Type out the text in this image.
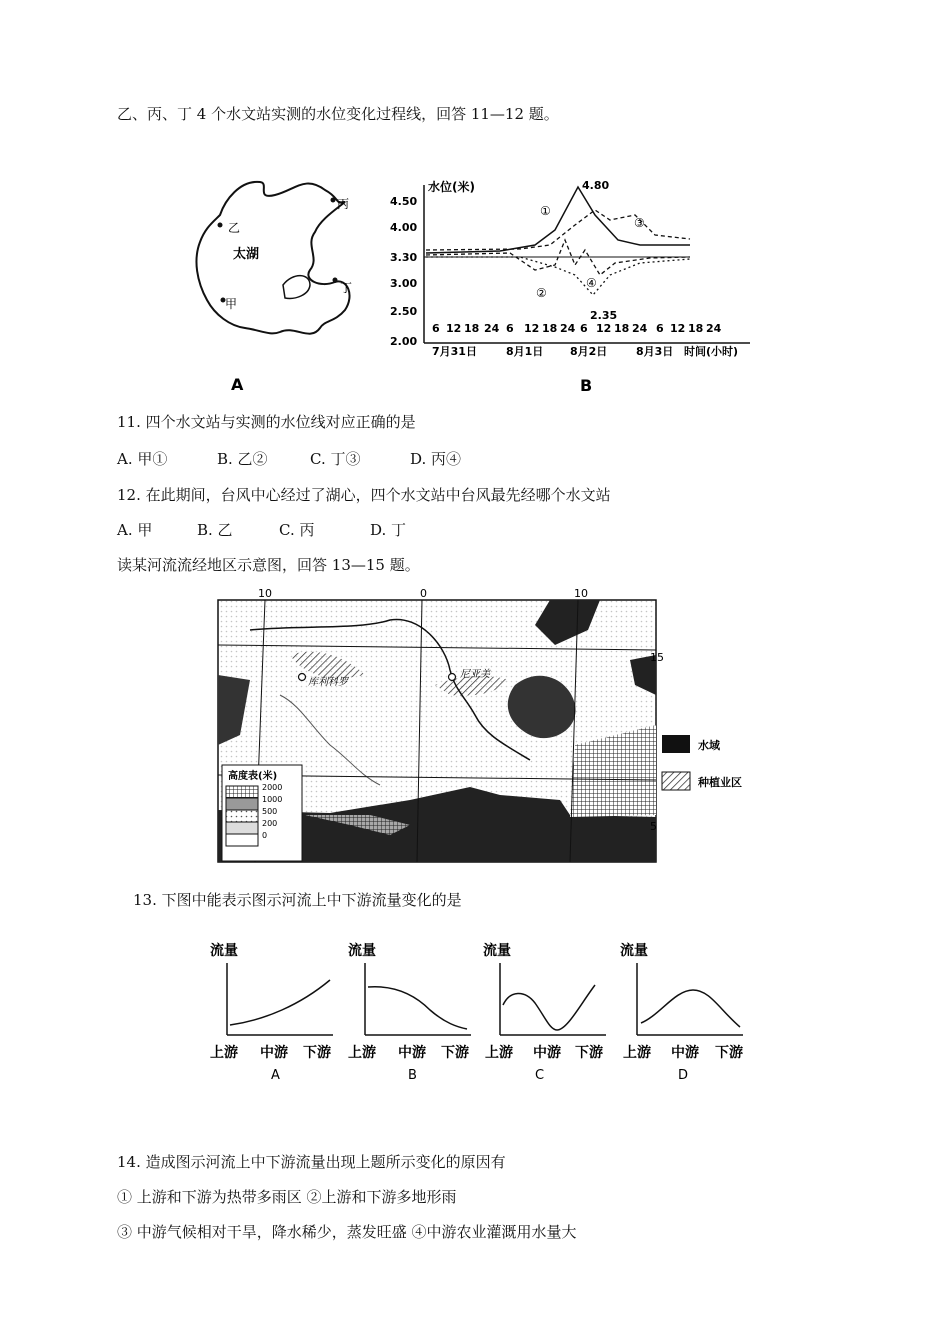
乙、丙、丁 4 个水文站实测的水位变化过程线，回答 11—12 题。
太湖
甲
乙
丙
丁
A
水位(米)
4.50
4.00
3.30
3.00
2.50
2.00
4.80
2.35
①
②
③
④
6 12 18 24 6 12 18 24 6 12 18 24 6 12 18 24
7月31日	8月1日 8月2日	8月3日 时间(小时)
B
11. 四个水文站与实测的水位线对应正确的是
A. 甲①	B. 乙②	C. 丁③	D. 丙④
12. 在此期间，台风中心经过了湖心，四个水文站中台风最先经哪个水文站
A. 甲	B. 乙	C. 丙	D. 丁
读某河流流经地区示意图，回答 13—15 题。
库利科罗
尼亚美
10	0	10
15
5
高度表(米)
2000
1000
500
200
0
水域
种植业区
13. 下图中能表示图示河流上中下游流量变化的是
流量
上游 中游 下游
A
流量
上游 中游 下游
B
流量
上游 中游 下游
C
流量
上游 中游 下游
D
14. 造成图示河流上中下游流量出现上题所示变化的原因有
① 上游和下游为热带多雨区 ②上游和下游多地形雨
③ 中游气候相对干旱，降水稀少，蒸发旺盛 ④中游农业灌溉用水量大
